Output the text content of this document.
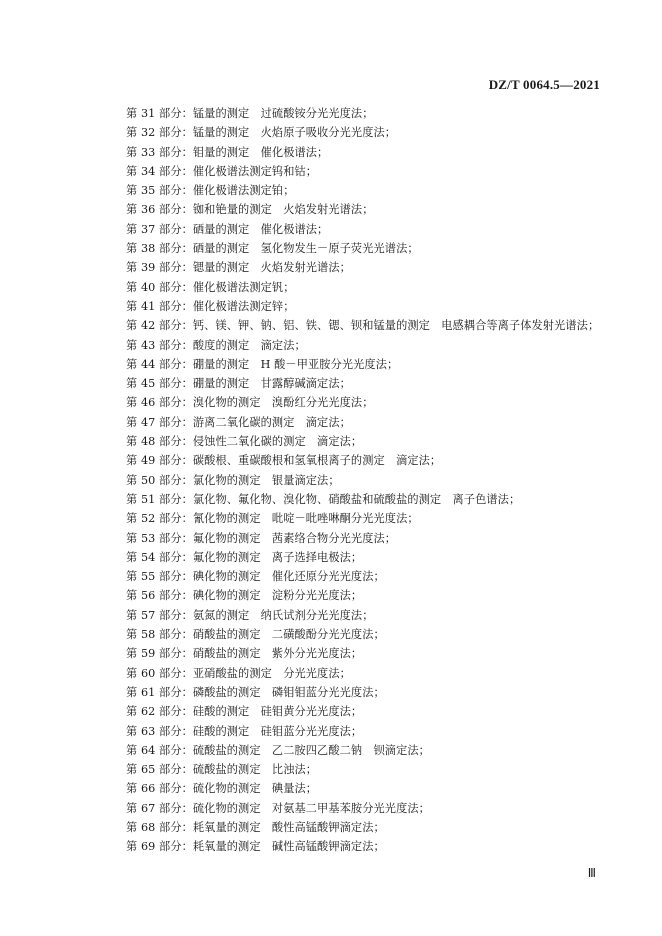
DZ/T 0064.5—2021
第 31 部分：锰量的测定　过硫酸铵分光光度法；
第 32 部分：锰量的测定　火焰原子吸收分光光度法；
第 33 部分：钼量的测定　催化极谱法；
第 34 部分：催化极谱法测定钨和钴；
第 35 部分：催化极谱法测定铂；
第 36 部分：铷和铯量的测定　火焰发射光谱法；
第 37 部分：硒量的测定　催化极谱法；
第 38 部分：硒量的测定　氢化物发生－原子荧光光谱法；
第 39 部分：锶量的测定　火焰发射光谱法；
第 40 部分：催化极谱法测定钒；
第 41 部分：催化极谱法测定锌；
第 42 部分：钙、镁、钾、钠、铝、铁、锶、钡和锰量的测定　电感耦合等离子体发射光谱法；
第 43 部分：酸度的测定　滴定法；
第 44 部分：硼量的测定　H 酸－甲亚胺分光光度法；
第 45 部分：硼量的测定　甘露醇碱滴定法；
第 46 部分：溴化物的测定　溴酚红分光光度法；
第 47 部分：游离二氧化碳的测定　滴定法；
第 48 部分：侵蚀性二氧化碳的测定　滴定法；
第 49 部分：碳酸根、重碳酸根和氢氧根离子的测定　滴定法；
第 50 部分：氯化物的测定　银量滴定法；
第 51 部分：氯化物、氟化物、溴化物、硝酸盐和硫酸盐的测定　离子色谱法；
第 52 部分：氰化物的测定　吡啶－吡唑啉酮分光光度法；
第 53 部分：氟化物的测定　茜素络合物分光光度法；
第 54 部分：氟化物的测定　离子选择电极法；
第 55 部分：碘化物的测定　催化还原分光光度法；
第 56 部分：碘化物的测定　淀粉分光光度法；
第 57 部分：氨氮的测定　纳氏试剂分光光度法；
第 58 部分：硝酸盐的测定　二磺酸酚分光光度法；
第 59 部分：硝酸盐的测定　紫外分光光度法；
第 60 部分：亚硝酸盐的测定　分光光度法；
第 61 部分：磷酸盐的测定　磷钼钼蓝分光光度法；
第 62 部分：硅酸的测定　硅钼黄分光光度法；
第 63 部分：硅酸的测定　硅钼蓝分光光度法；
第 64 部分：硫酸盐的测定　乙二胺四乙酸二钠　钡滴定法；
第 65 部分：硫酸盐的测定　比浊法；
第 66 部分：硫化物的测定　碘量法；
第 67 部分：硫化物的测定　对氨基二甲基苯胺分光光度法；
第 68 部分：耗氧量的测定　酸性高锰酸钾滴定法；
第 69 部分：耗氧量的测定　碱性高锰酸钾滴定法；
Ⅲ
